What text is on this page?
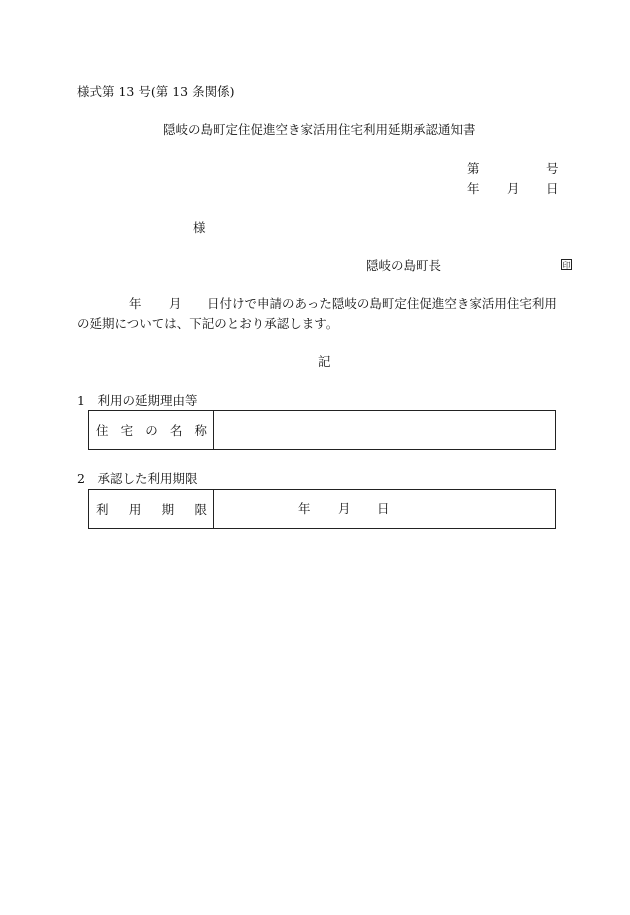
様式第 13 号(第 13 条関係)
隠岐の島町定住促進空き家活用住宅利用延期承認通知書
第	号
年 月 日
様
隠岐の島町長	印
年 月 日付けで申請のあった隠岐の島町定住促進空き家活用住宅利用
の延期については、下記のとおり承認します。
記
1　利用の延期理由等
住 宅 の 名 称

2　承認した利用期限
利 用 期 限	年 月 日
